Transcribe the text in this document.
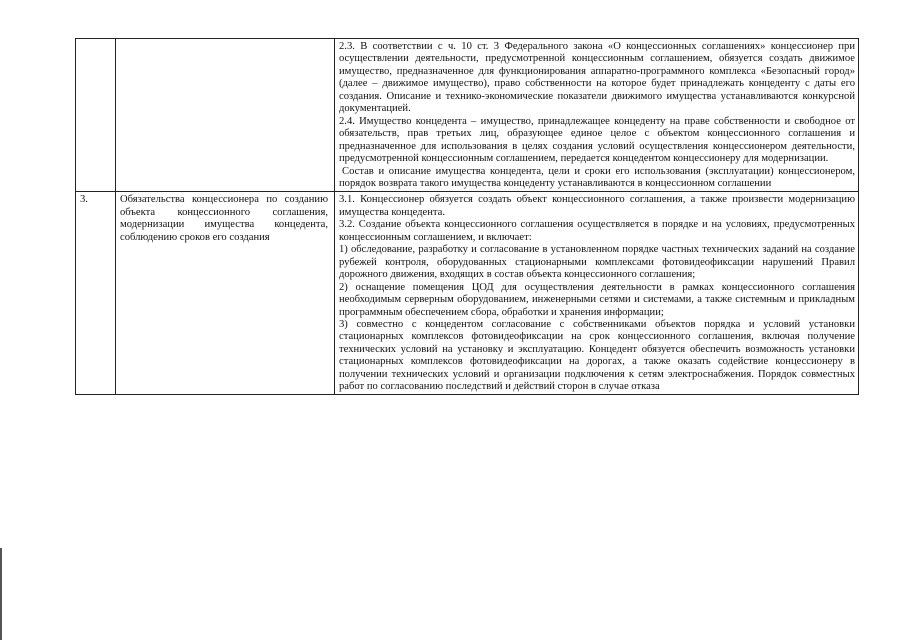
		2.3. В соответствии с ч. 10 ст. 3 Федерального закона «О концессионных соглашениях» концессионер при осуществлении деятельности, предусмотренной концессионным соглашением, обязуется создать движимое имущество, предназначенное для функционирования аппаратно-программного комплекса «Безопасный город» (далее – движимое имущество), право собственности на которое будет принадлежать концеденту с даты его создания. Описание и технико-экономические показатели движимого имущества устанавливаются конкурсной документацией.

2.4. Имущество концедента – имущество, принадлежащее концеденту на праве собственности и свободное от обязательств, прав третьих лиц, образующее единое целое с объектом концессионного соглашения и предназначенное для использования в целях создания условий осуществления концессионером деятельности, предусмотренной концессионным соглашением, передается концедентом концессионеру для модернизации.

Состав и описание имущества концедента, цели и сроки его использования (эксплуатации) концессионером, порядок возврата такого имущества концеденту устанавливаются в концессионном соглашении

3.	Обязательства концессионера по созданию объекта концессионного соглашения, модернизации имущества концедента, соблюдению сроков его создания	3.1. Концессионер обязуется создать объект концессионного соглашения, а также произвести модернизацию имущества концедента.

3.2. Создание объекта концессионного соглашения осуществляется в порядке и на условиях, предусмотренных концессионным соглашением, и включает:

1) обследование, разработку и согласование в установленном порядке частных технических заданий на создание рубежей контроля, оборудованных стационарными комплексами фотовидеофиксации нарушений Правил дорожного движения, входящих в состав объекта концессионного соглашения;

2) оснащение помещения ЦОД для осуществления деятельности в рамках концессионного соглашения необходимым серверным оборудованием, инженерными сетями и системами, а также системным и прикладным программным обеспечением сбора, обработки и хранения информации;

3) совместно с концедентом согласование с собственниками объектов порядка и условий установки стационарных комплексов фотовидеофиксации на срок концессионного соглашения, включая получение технических условий на установку и эксплуатацию. Концедент обязуется обеспечить возможность установки стационарных комплексов фотовидеофиксации на дорогах, а также оказать содействие концессионеру в получении технических условий и организации подключения к сетям электроснабжения. Порядок совместных работ по согласованию последствий и действий сторон в случае отказа
